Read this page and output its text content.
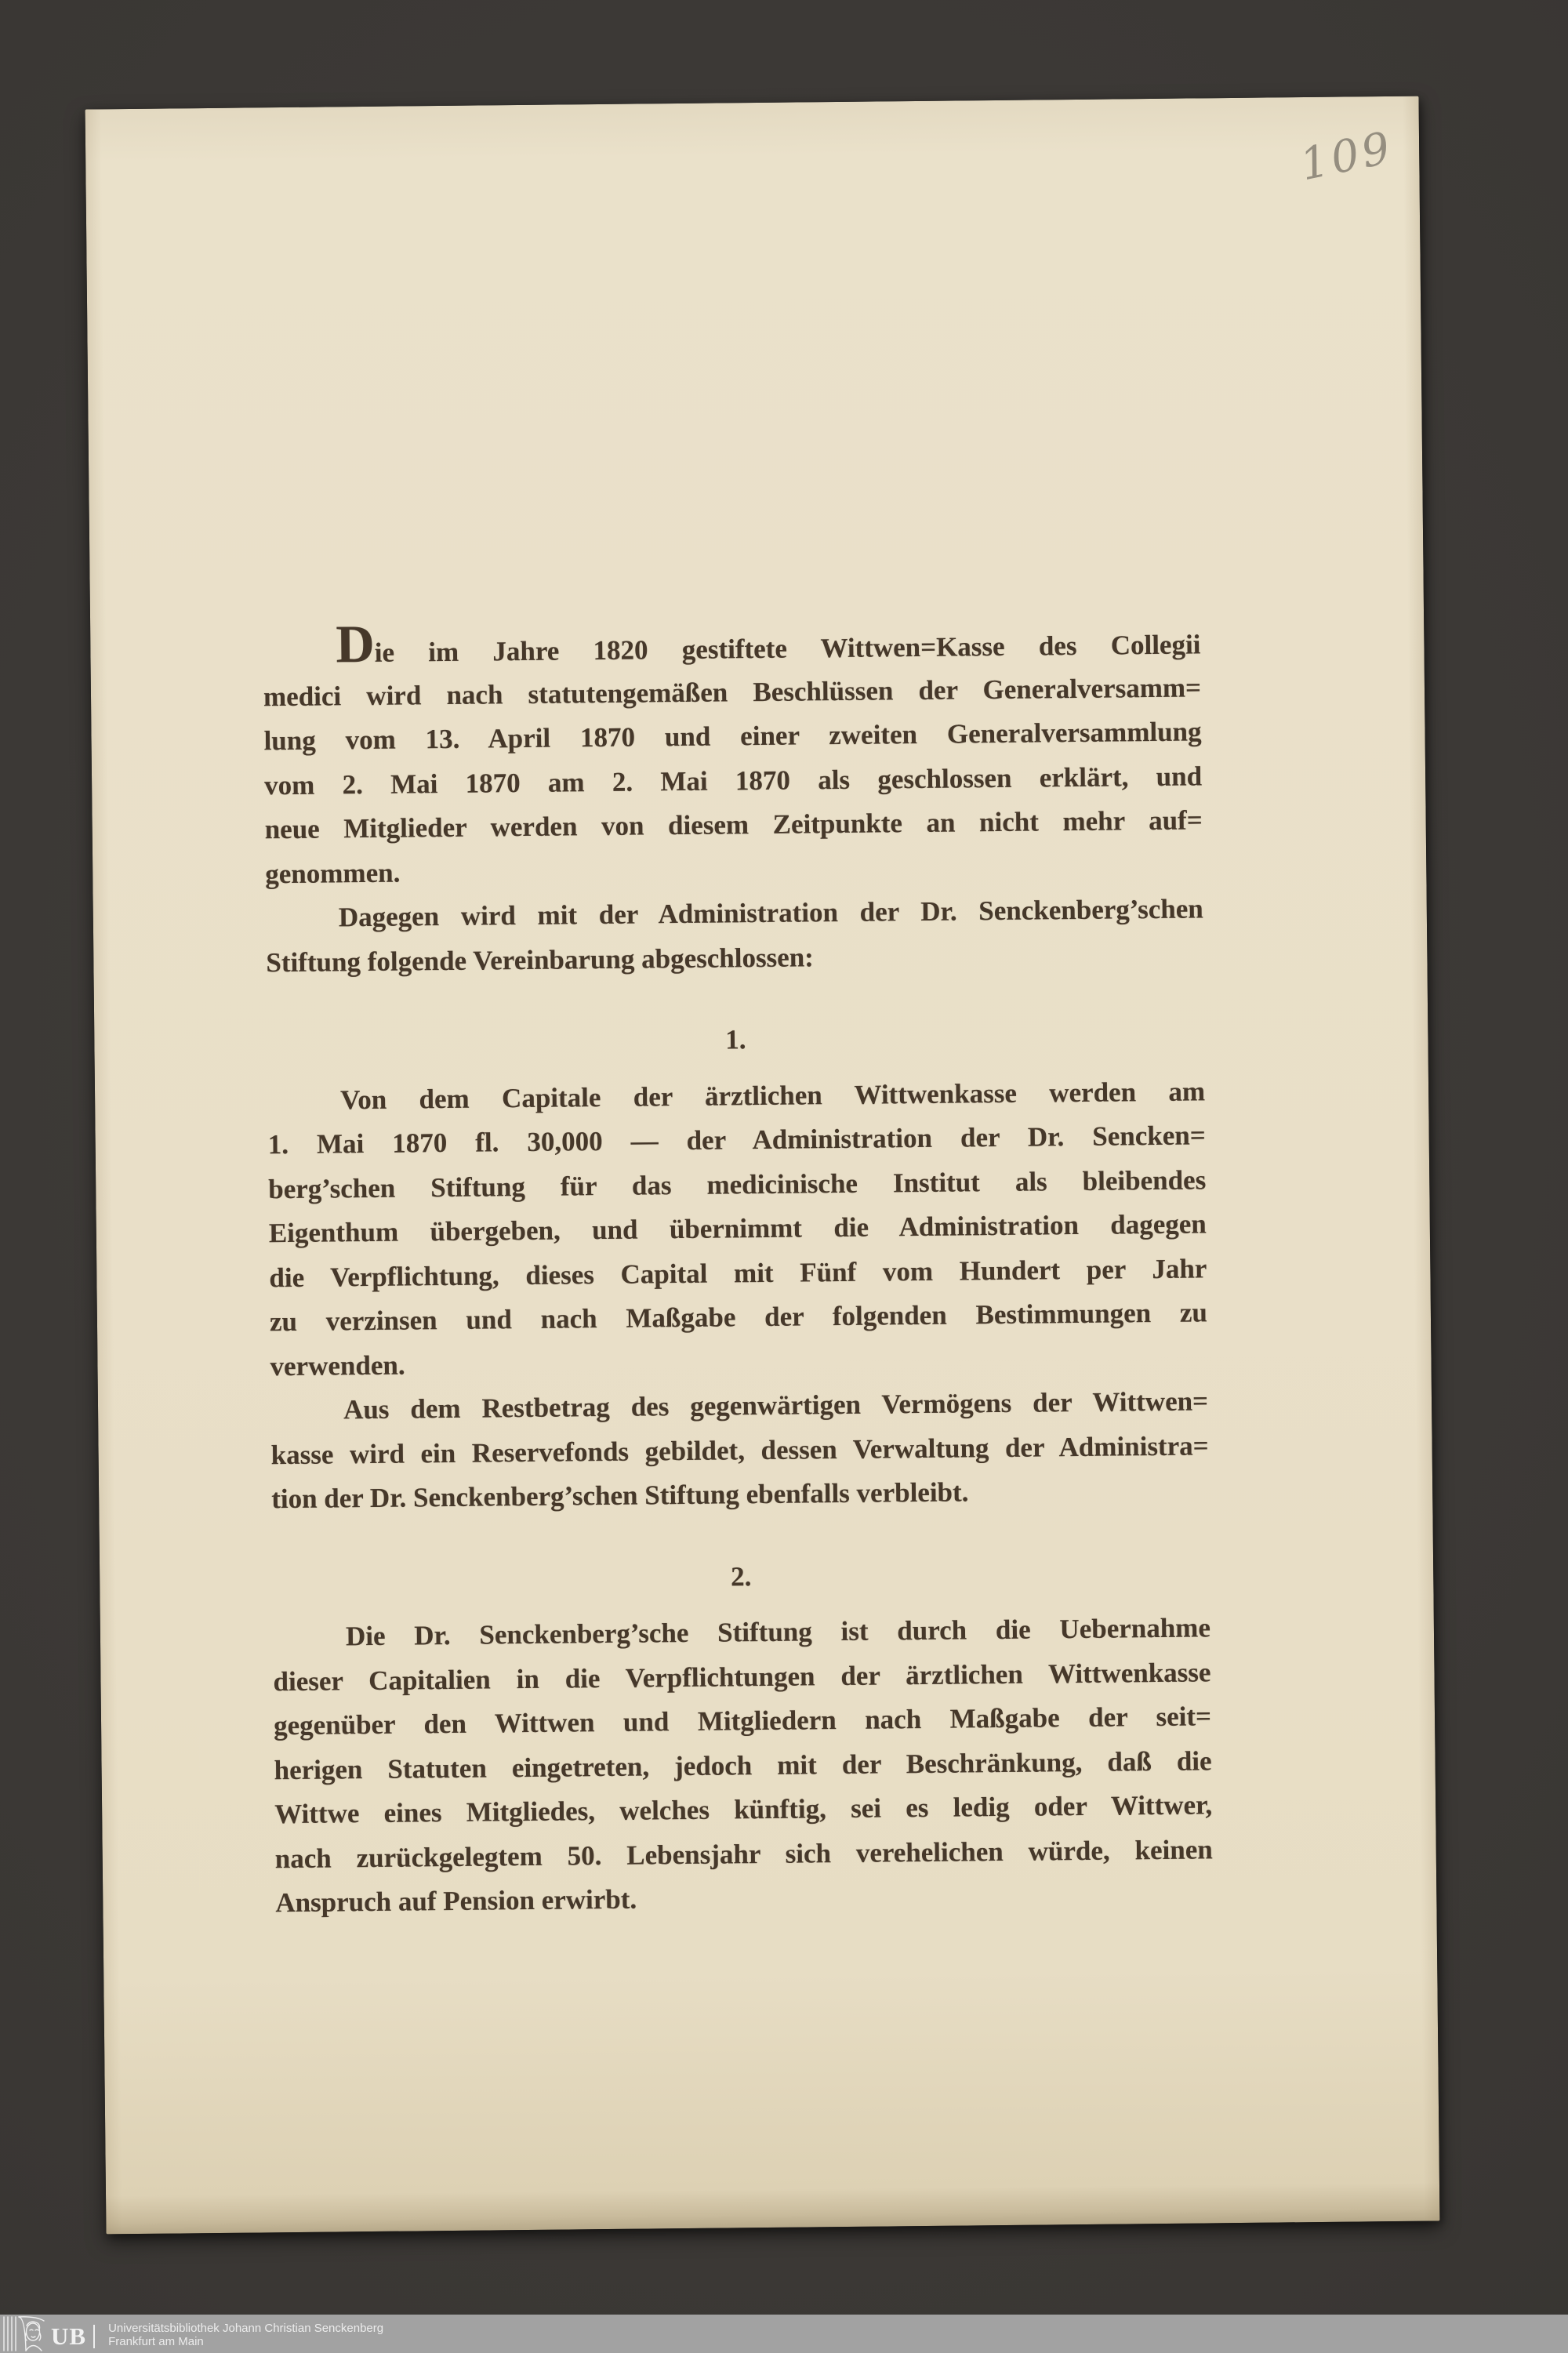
109
Die im Jahre 1820 gestiftete Wittwen=Kasse des Collegii
medici wird nach statutengemäßen Beschlüssen der Generalversamm=
lung vom 13. April 1870 und einer zweiten Generalversammlung
vom 2. Mai 1870 am 2. Mai 1870 als geschlossen erklärt, und
neue Mitglieder werden von diesem Zeitpunkte an nicht mehr auf=
genommen.
Dagegen wird mit der Administration der Dr. Senckenberg’schen
Stiftung folgende Vereinbarung abgeschlossen:
1.
Von dem Capitale der ärztlichen Wittwenkasse werden am
1. Mai 1870 fl. 30,000 — der Administration der Dr. Sencken=
berg’schen Stiftung für das medicinische Institut als bleibendes
Eigenthum übergeben, und übernimmt die Administration dagegen
die Verpflichtung, dieses Capital mit Fünf vom Hundert per Jahr
zu verzinsen und nach Maßgabe der folgenden Bestimmungen zu
verwenden.
Aus dem Restbetrag des gegenwärtigen Vermögens der Wittwen=
kasse wird ein Reservefonds gebildet, dessen Verwaltung der Administra=
tion der Dr. Senckenberg’schen Stiftung ebenfalls verbleibt.
2.
Die Dr. Senckenberg’sche Stiftung ist durch die Uebernahme
dieser Capitalien in die Verpflichtungen der ärztlichen Wittwenkasse
gegenüber den Wittwen und Mitgliedern nach Maßgabe der seit=
herigen Statuten eingetreten, jedoch mit der Beschränkung, daß die
Wittwe eines Mitgliedes, welches künftig, sei es ledig oder Wittwer,
nach zurückgelegtem 50. Lebensjahr sich verehelichen würde, keinen
Anspruch auf Pension erwirbt.
UB Universitätsbibliothek Johann Christian Senckenberg
Frankfurt am Main
